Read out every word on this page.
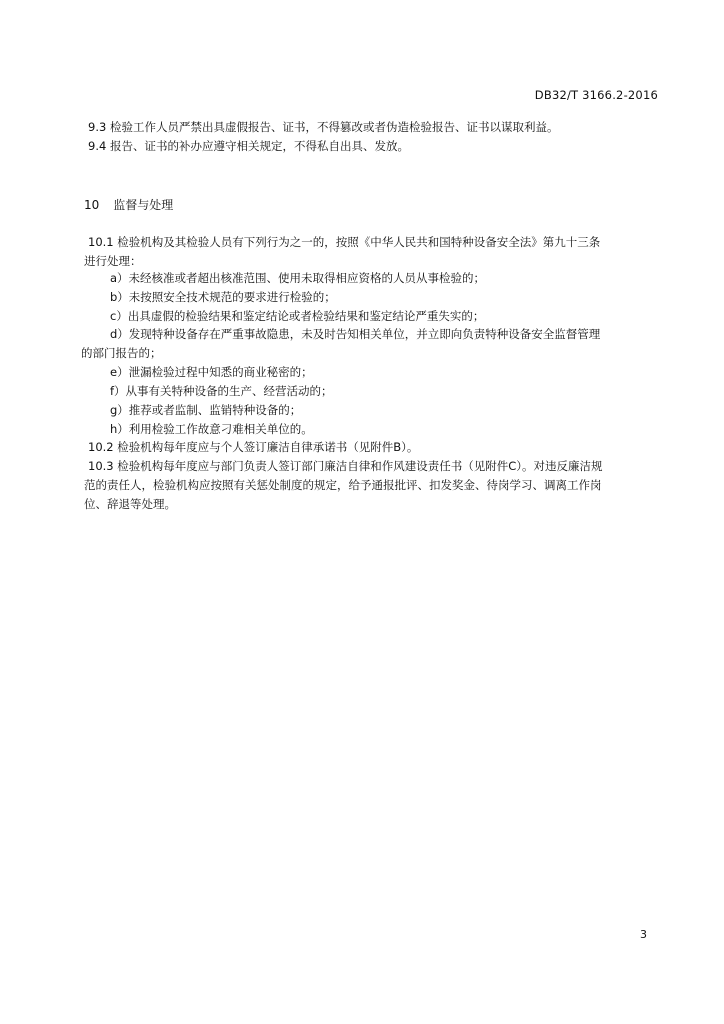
DB32/T 3166.2-2016
9.3 检验工作人员严禁出具虚假报告、证书，不得篡改或者伪造检验报告、证书以谋取利益。
9.4 报告、证书的补办应遵守相关规定，不得私自出具、发放。
10 监督与处理
10.1 检验机构及其检验人员有下列行为之一的，按照《中华人民共和国特种设备安全法》第九十三条
进行处理：
a）未经核准或者超出核准范围、使用未取得相应资格的人员从事检验的；
b）未按照安全技术规范的要求进行检验的；
c）出具虚假的检验结果和鉴定结论或者检验结果和鉴定结论严重失实的；
d）发现特种设备存在严重事故隐患，未及时告知相关单位，并立即向负责特种设备安全监督管理
的部门报告的；
e）泄漏检验过程中知悉的商业秘密的；
f）从事有关特种设备的生产、经营活动的；
g）推荐或者监制、监销特种设备的；
h）利用检验工作故意刁难相关单位的。
10.2 检验机构每年度应与个人签订廉洁自律承诺书（见附件B）。
10.3 检验机构每年度应与部门负责人签订部门廉洁自律和作风建设责任书（见附件C）。对违反廉洁规
范的责任人，检验机构应按照有关惩处制度的规定，给予通报批评、扣发奖金、待岗学习、调离工作岗
位、辞退等处理。
3
